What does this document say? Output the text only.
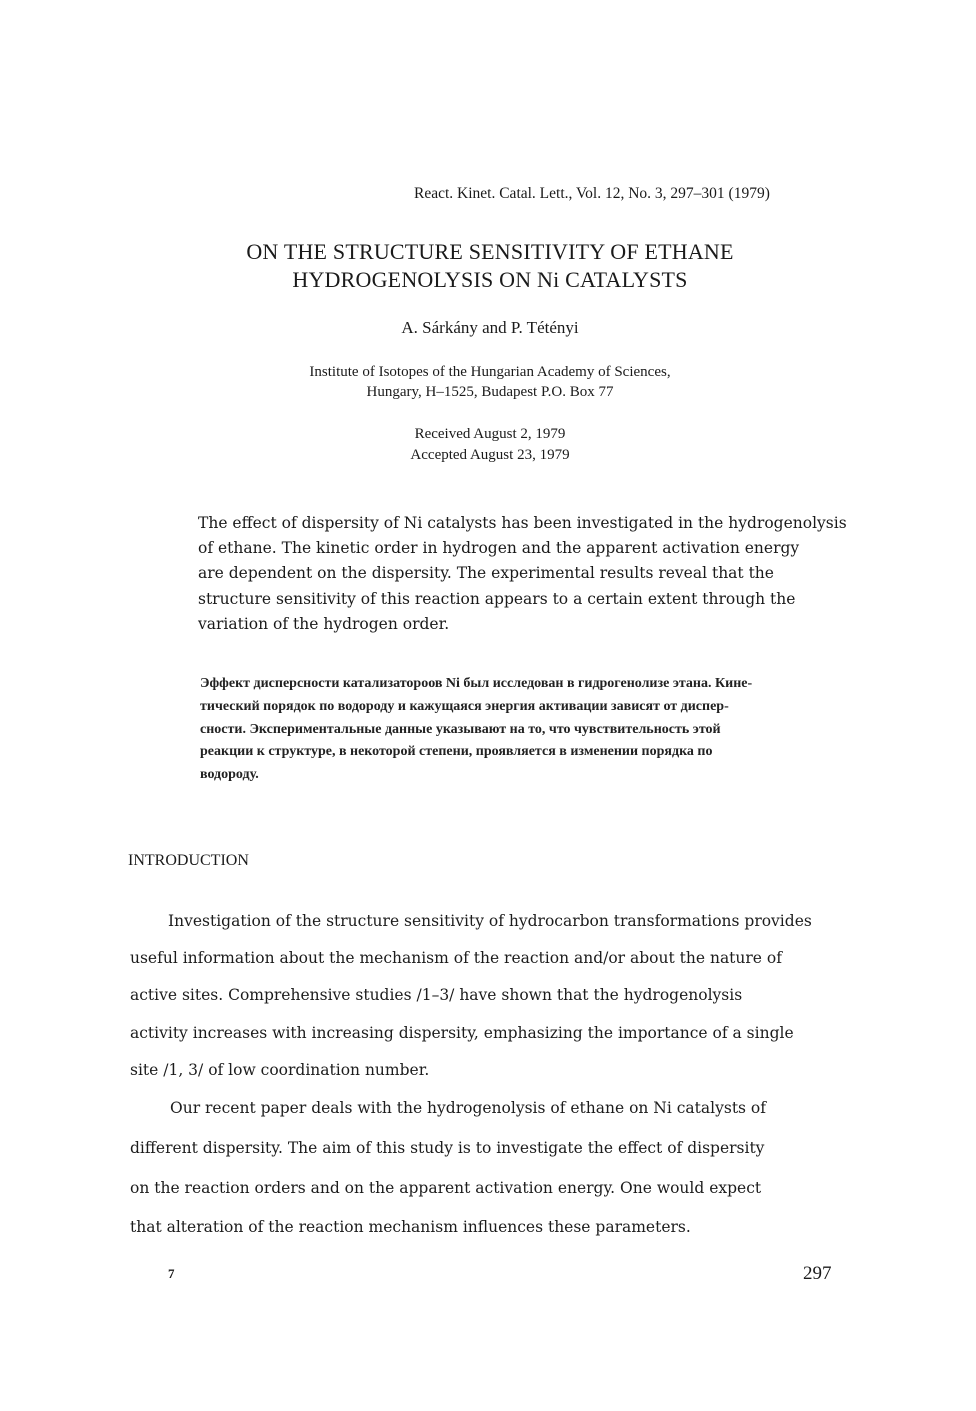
React. Kinet. Catal. Lett., Vol. 12, No. 3, 297–301 (1979)
ON THE STRUCTURE SENSITIVITY OF ETHANE
HYDROGENOLYSIS ON Ni CATALYSTS
A. Sárkány and P. Tétényi
Institute of Isotopes of the Hungarian Academy of Sciences,
Hungary, H–1525, Budapest P.O. Box 77
Received August 2, 1979
Accepted August 23, 1979
The effect of dispersity of Ni catalysts has been investigated in the hydrogenolysis
of ethane. The kinetic order in hydrogen and the apparent activation energy
are dependent on the dispersity. The experimental results reveal that the
structure sensitivity of this reaction appears to a certain extent through the
variation of the hydrogen order.
Эффект дисперсности катализатороов Ni был исследован в гидрогенолизе этана. Кине-
тический порядок по водороду и кажущаяся энергия активации зависят от диспер-
сности. Экспериментальные данные указывают на то, что чувствительность этой
реакции к структуре, в некоторой степени, проявляется в изменении порядка по
водороду.
INTRODUCTION
Investigation of the structure sensitivity of hydrocarbon transformations provides
useful information about the mechanism of the reaction and/or about the nature of
active sites. Comprehensive studies /1–3/ have shown that the hydrogenolysis
activity increases with increasing dispersity, emphasizing the importance of a single
site /1, 3/ of low coordination number.
Our recent paper deals with the hydrogenolysis of ethane on Ni catalysts of
different dispersity. The aim of this study is to investigate the effect of dispersity
on the reaction orders and on the apparent activation energy. One would expect
that alteration of the reaction mechanism influences these parameters.
7	297
